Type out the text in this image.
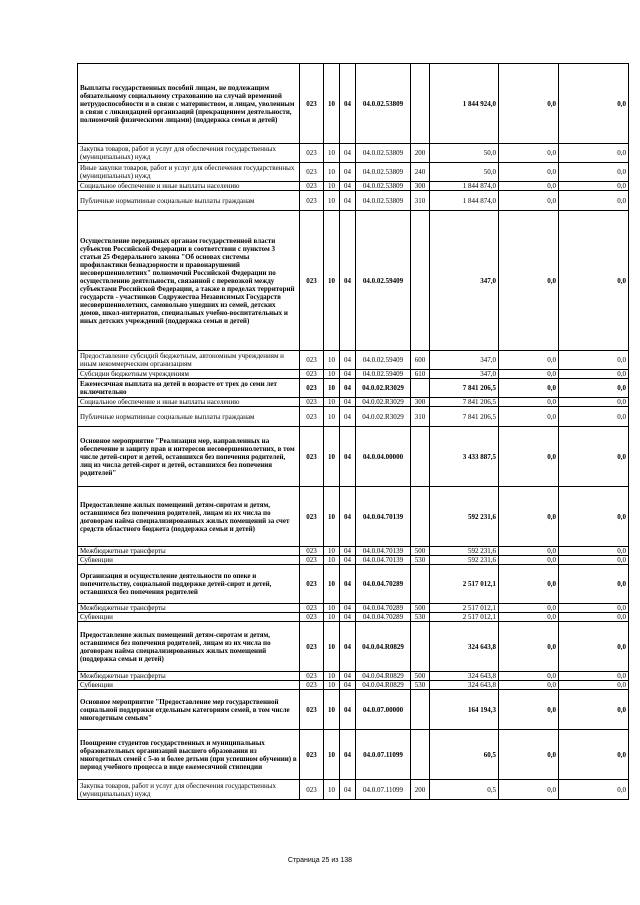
Выплаты государственных пособий лицам, не подлежащим обязательному социальному страхованию на случай временной нетрудоспособности и в связи с материнством, и лицам, уволенным в связи с ликвидацией организаций (прекращением деятельности, полномочий физическими лицами) (поддержка семьи и детей)	023	10	04	04.0.02.53809		1 844 924,0	0,0	0,0
Закупка товаров, работ и услуг для обеспечения государственных (муниципальных) нужд	023	10	04	04.0.02.53809	200	50,0	0,0	0,0
Иные закупки товаров, работ и услуг для обеспечения государственных (муниципальных) нужд	023	10	04	04.0.02.53809	240	50,0	0,0	0,0
Социальное обеспечение и иные выплаты населению	023	10	04	04.0.02.53809	300	1 844 874,0	0,0	0,0
Публичные нормативные социальные выплаты гражданам	023	10	04	04.0.02.53809	310	1 844 874,0	0,0	0,0
Осуществление переданных органам государственной власти субъектов Российской Федерации в соответствии с пунктом 3 статьи 25 Федерального закона "Об основах системы профилактики безнадзорности и правонарушений несовершеннолетних" полномочий Российской Федерации по осуществлению деятельности, связанной с перевозкой между субъектами Российской Федерации, а также в пределах территорий государств - участников Содружества Независимых Государств несовершеннолетних, самовольно ушедших из семей, детских домов, школ-интернатов, специальных учебно-воспитательных и иных детских учреждений (поддержка семьи и детей)	023	10	04	04.0.02.59409		347,0	0,0	0,0
Предоставление субсидий бюджетным, автономным учреждениям и иным некоммерческим организациям	023	10	04	04.0.02.59409	600	347,0	0,0	0,0
Субсидии бюджетным учреждениям	023	10	04	04.0.02.59409	610	347,0	0,0	0,0
Ежемесячная выплата на детей в возрасте от трех до семи лет включительно	023	10	04	04.0.02.R3029		7 841 206,5	0,0	0,0
Социальное обеспечение и иные выплаты населению	023	10	04	04.0.02.R3029	300	7 841 206,5	0,0	0,0
Публичные нормативные социальные выплаты гражданам	023	10	04	04.0.02.R3029	310	7 841 206,5	0,0	0,0
Основное мероприятие "Реализация мер, направленных на обеспечение и защиту прав и интересов несовершеннолетних, в том числе детей-сирот и детей, оставшихся без попечения родителей, лиц из числа детей-сирот и детей, оставшихся без попечения родителей"	023	10	04	04.0.04.00000		3 433 887,5	0,0	0,0
Предоставление жилых помещений детям-сиротам и детям, оставшимся без попечения родителей, лицам из их числа по договорам найма специализированных жилых помещений за счет средств областного бюджета (поддержка семьи и детей)	023	10	04	04.0.04.70139		592 231,6	0,0	0,0
Межбюджетные трансферты	023	10	04	04.0.04.70139	500	592 231,6	0,0	0,0
Субвенции	023	10	04	04.0.04.70139	530	592 231,6	0,0	0,0
Организация и осуществление деятельности по опеке и попечительству, социальной поддержке детей-сирот и детей, оставшихся без попечения родителей	023	10	04	04.0.04.70289		2 517 012,1	0,0	0,0
Межбюджетные трансферты	023	10	04	04.0.04.70289	500	2 517 012,1	0,0	0,0
Субвенции	023	10	04	04.0.04.70289	530	2 517 012,1	0,0	0,0
Предоставление жилых помещений детям-сиротам и детям, оставшимся без попечения родителей, лицам из их числа по договорам найма специализированных жилых помещений (поддержка семьи и детей)	023	10	04	04.0.04.R0829		324 643,8	0,0	0,0
Межбюджетные трансферты	023	10	04	04.0.04.R0829	500	324 643,8	0,0	0,0
Субвенции	023	10	04	04.0.04.R0829	530	324 643,8	0,0	0,0
Основное мероприятие "Предоставление мер государственной социальной поддержки отдельным категориям семей, в том числе многодетным семьям"	023	10	04	04.0.07.00000		164 194,3	0,0	0,0
Поощрение студентов государственных и муниципальных образовательных организаций высшего образования из многодетных семей с 5-ю и более детьми (при успешном обучении) в период учебного процесса в виде ежемесячной стипендии	023	10	04	04.0.07.11099		60,5	0,0	0,0
Закупка товаров, работ и услуг для обеспечения государственных (муниципальных) нужд	023	10	04	04.0.07.11099	200	0,5	0,0	0,0
Страница 25 из 138
